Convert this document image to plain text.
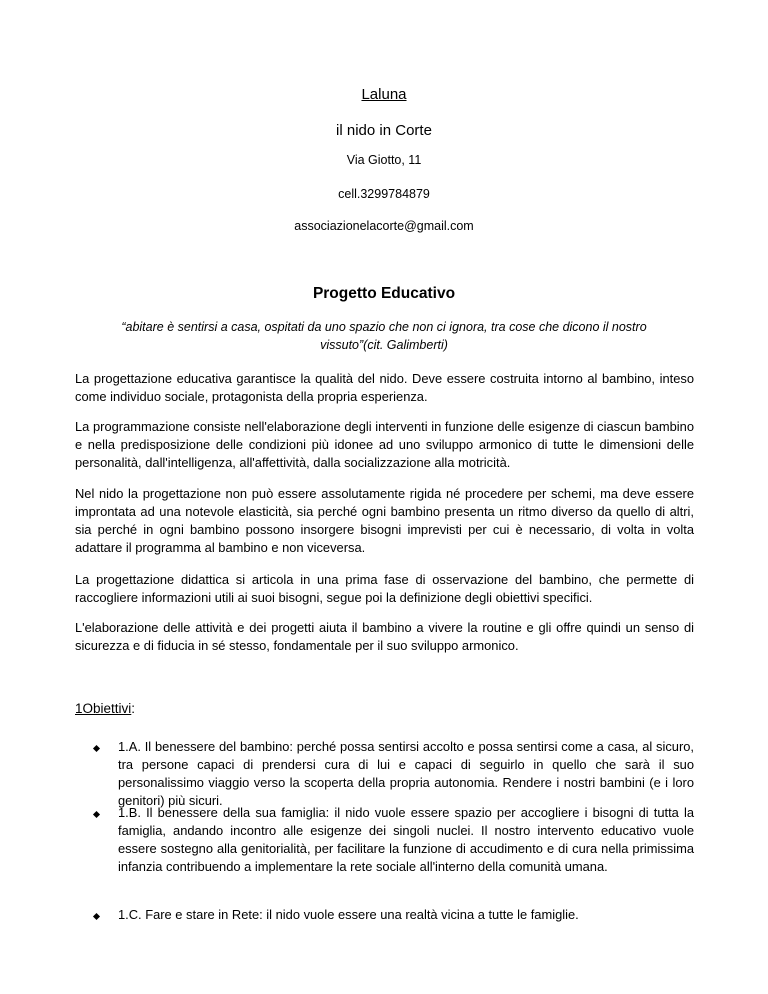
Laluna
il nido in Corte
Via Giotto, 11
cell.3299784879
associazionelacorte@gmail.com
Progetto Educativo
“abitare è sentirsi a casa, ospitati da uno spazio che non ci ignora, tra cose che dicono il nostro vissuto”(cit. Galimberti)

La progettazione educativa garantisce la qualità del nido. Deve essere costruita intorno al bambino, inteso come individuo sociale, protagonista della propria esperienza.

La programmazione consiste nell'elaborazione degli interventi in funzione delle esigenze di ciascun bambino e nella predisposizione delle condizioni più idonee ad uno sviluppo armonico di tutte le dimensioni delle personalità, dall'intelligenza, all'affettività, dalla socializzazione alla motricità.

Nel nido la progettazione non può essere assolutamente rigida né procedere per schemi, ma deve essere improntata ad una notevole elasticità, sia perché ogni bambino presenta un ritmo diverso da quello di altri, sia perché in ogni bambino possono insorgere bisogni imprevisti per cui è necessario, di volta in volta adattare il programma al bambino e non viceversa.

La progettazione didattica si articola in una prima fase di osservazione del bambino, che permette di raccogliere informazioni utili ai suoi bisogni, segue poi la definizione degli obiettivi specifici.

L'elaborazione delle attività e dei progetti aiuta il bambino a vivere la routine e gli offre quindi un senso di sicurezza e di fiducia in sé stesso, fondamentale per il suo sviluppo armonico.

1Obiettivi:

1.A. Il benessere del bambino: perché possa sentirsi accolto e possa sentirsi come a casa, al sicuro, tra persone capaci di prendersi cura di lui e capaci di seguirlo in quello che sarà il suo personalissimo viaggio verso la scoperta della propria autonomia. Rendere i nostri bambini (e i loro genitori) più sicuri.

1.B. Il benessere della sua famiglia: il nido vuole essere spazio per accogliere i bisogni di tutta la famiglia, andando incontro alle esigenze dei singoli nuclei. Il nostro intervento educativo vuole essere sostegno alla genitorialità, per facilitare la funzione di accudimento e di cura nella primissima infanzia contribuendo a implementare la rete sociale all'interno della comunità umana.

1.C. Fare e stare in Rete: il nido vuole essere una realtà vicina a tutte le famiglie.
